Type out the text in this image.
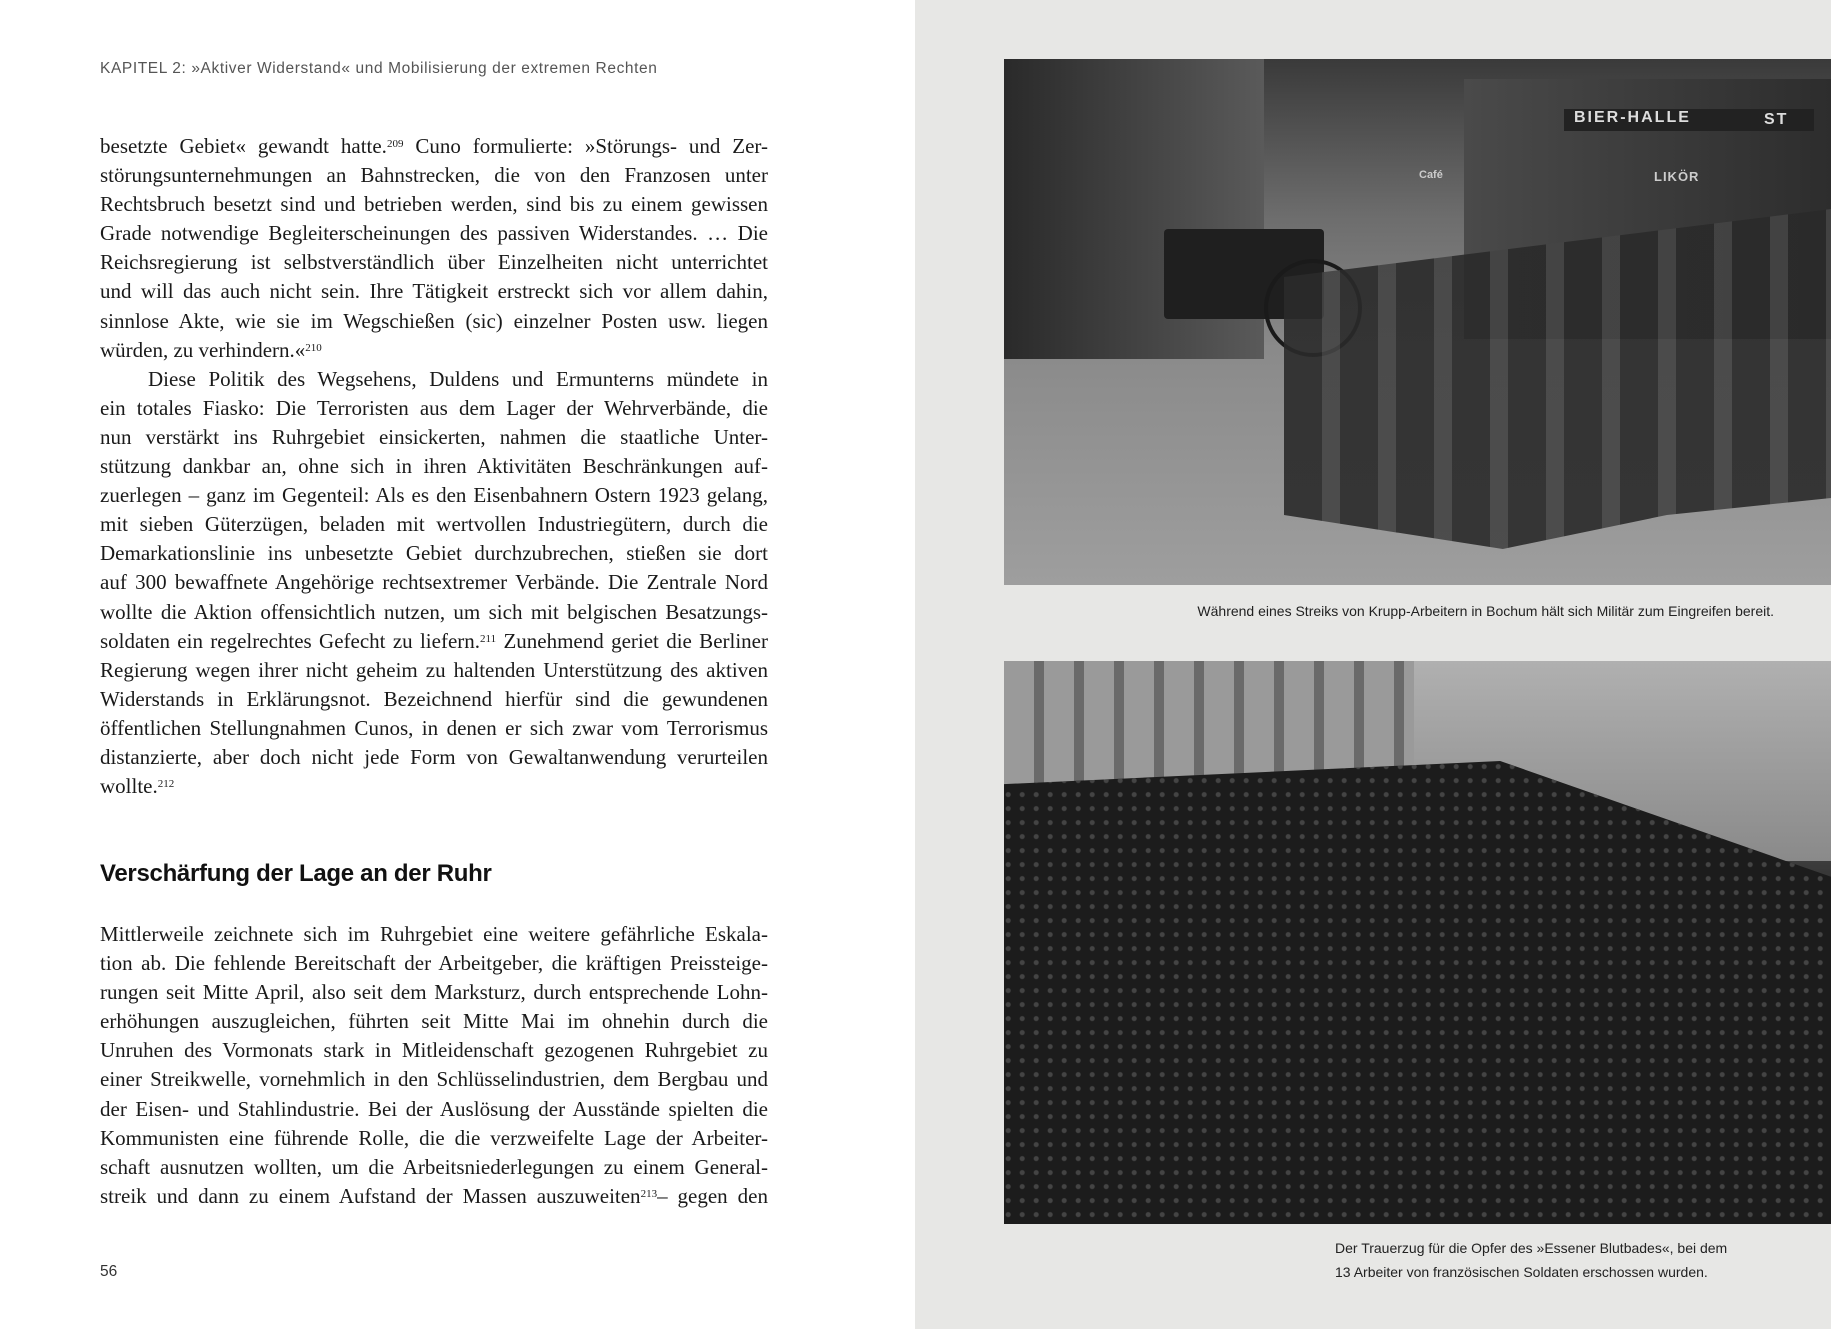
KAPITEL 2: »Aktiver Widerstand« und Mobilisierung der extremen Rechten
besetzte Gebiet« gewandt hatte.$^{209}$ Cuno formulierte: »Störungs- und Zer-
störungsunternehmungen an Bahnstrecken, die von den Franzosen unter
Rechtsbruch besetzt sind und betrieben werden, sind bis zu einem gewissen
Grade notwendige Begleiterscheinungen des passiven Widerstandes. … Die
Reichsregierung ist selbstverständlich über Einzelheiten nicht unterrichtet
und will das auch nicht sein. Ihre Tätigkeit erstreckt sich vor allem dahin,
sinnlose Akte, wie sie im Wegschießen (sic) einzelner Posten usw. liegen
würden, zu verhindern.«$^{210}$
Diese Politik des Wegsehens, Duldens und Ermunterns mündete in
ein totales Fiasko: Die Terroristen aus dem Lager der Wehrverbände, die
nun verstärkt ins Ruhrgebiet einsickerten, nahmen die staatliche Unter-
stützung dankbar an, ohne sich in ihren Aktivitäten Beschränkungen auf-
zuerlegen – ganz im Gegenteil: Als es den Eisenbahnern Ostern 1923 gelang,
mit sieben Güterzügen, beladen mit wertvollen Industriegütern, durch die
Demarkationslinie ins unbesetzte Gebiet durchzubrechen, stießen sie dort
auf 300 bewaffnete Angehörige rechtsextremer Verbände. Die Zentrale Nord
wollte die Aktion offensichtlich nutzen, um sich mit belgischen Besatzungs-
soldaten ein regelrechtes Gefecht zu liefern.$^{211}$ Zunehmend geriet die Berliner
Regierung wegen ihrer nicht geheim zu haltenden Unterstützung des aktiven
Widerstands in Erklärungsnot. Bezeichnend hierfür sind die gewundenen
öffentlichen Stellungnahmen Cunos, in denen er sich zwar vom Terrorismus
distanzierte, aber doch nicht jede Form von Gewaltanwendung verurteilen
wollte.$^{212}$
Verschärfung der Lage an der Ruhr
Mittlerweile zeichnete sich im Ruhrgebiet eine weitere gefährliche Eskala-
tion ab. Die fehlende Bereitschaft der Arbeitgeber, die kräftigen Preissteige-
rungen seit Mitte April, also seit dem Marksturz, durch entsprechende Lohn-
erhöhungen auszugleichen, führten seit Mitte Mai im ohnehin durch die
Unruhen des Vormonats stark in Mitleidenschaft gezogenen Ruhrgebiet zu
einer Streikwelle, vornehmlich in den Schlüsselindustrien, dem Bergbau und
der Eisen- und Stahlindustrie. Bei der Auslösung der Ausstände spielten die
Kommunisten eine führende Rolle, die die verzweifelte Lage der Arbeiter-
schaft ausnutzen wollten, um die Arbeitsniederlegungen zu einem General-
streik und dann zu einem Aufstand der Massen auszuweiten$^{213}$– gegen den
56
BIER-HALLE	ST
Café	LIKÖR
Während eines Streiks von Krupp-Arbeitern in Bochum hält sich Militär zum Eingreifen bereit.
Der Trauerzug für die Opfer des »Essener Blutbades«, bei dem
13 Arbeiter von französischen Soldaten erschossen wurden.
